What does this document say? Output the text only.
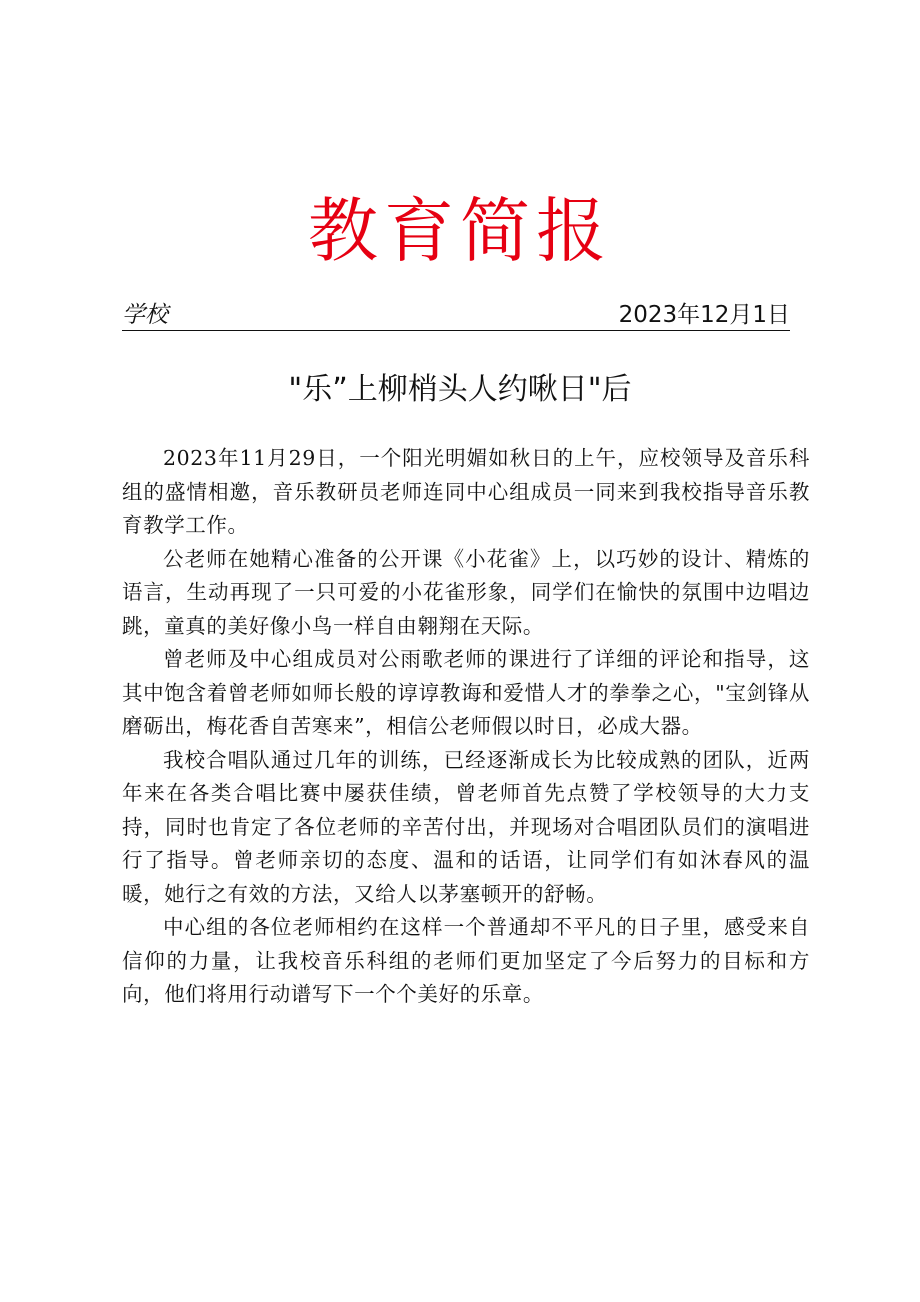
教育简报
学校	2023年12月1日
"乐”上柳梢头人约啾日"后

2023年11月29日，一个阳光明媚如秋日的上午，应校领导及音乐科组的盛情相邀，音乐教研员老师连同中心组成员一同来到我校指导音乐教育教学工作。

公老师在她精心准备的公开课《小花雀》上，以巧妙的设计、精炼的语言，生动再现了一只可爱的小花雀形象，同学们在愉快的氛围中边唱边跳，童真的美好像小鸟一样自由翱翔在天际。

曾老师及中心组成员对公雨歌老师的课进行了详细的评论和指导，这其中饱含着曾老师如师长般的谆谆教诲和爱惜人才的拳拳之心，"宝剑锋从磨砺出，梅花香自苦寒来”，相信公老师假以时日，必成大器。

我校合唱队通过几年的训练，已经逐渐成长为比较成熟的团队，近两年来在各类合唱比赛中屡获佳绩，曾老师首先点赞了学校领导的大力支持，同时也肯定了各位老师的辛苦付出，并现场对合唱团队员们的演唱进行了指导。曾老师亲切的态度、温和的话语，让同学们有如沐春风的温暖，她行之有效的方法，又给人以茅塞顿开的舒畅。

中心组的各位老师相约在这样一个普通却不平凡的日子里，感受来自信仰的力量，让我校音乐科组的老师们更加坚定了今后努力的目标和方向，他们将用行动谱写下一个个美好的乐章。
